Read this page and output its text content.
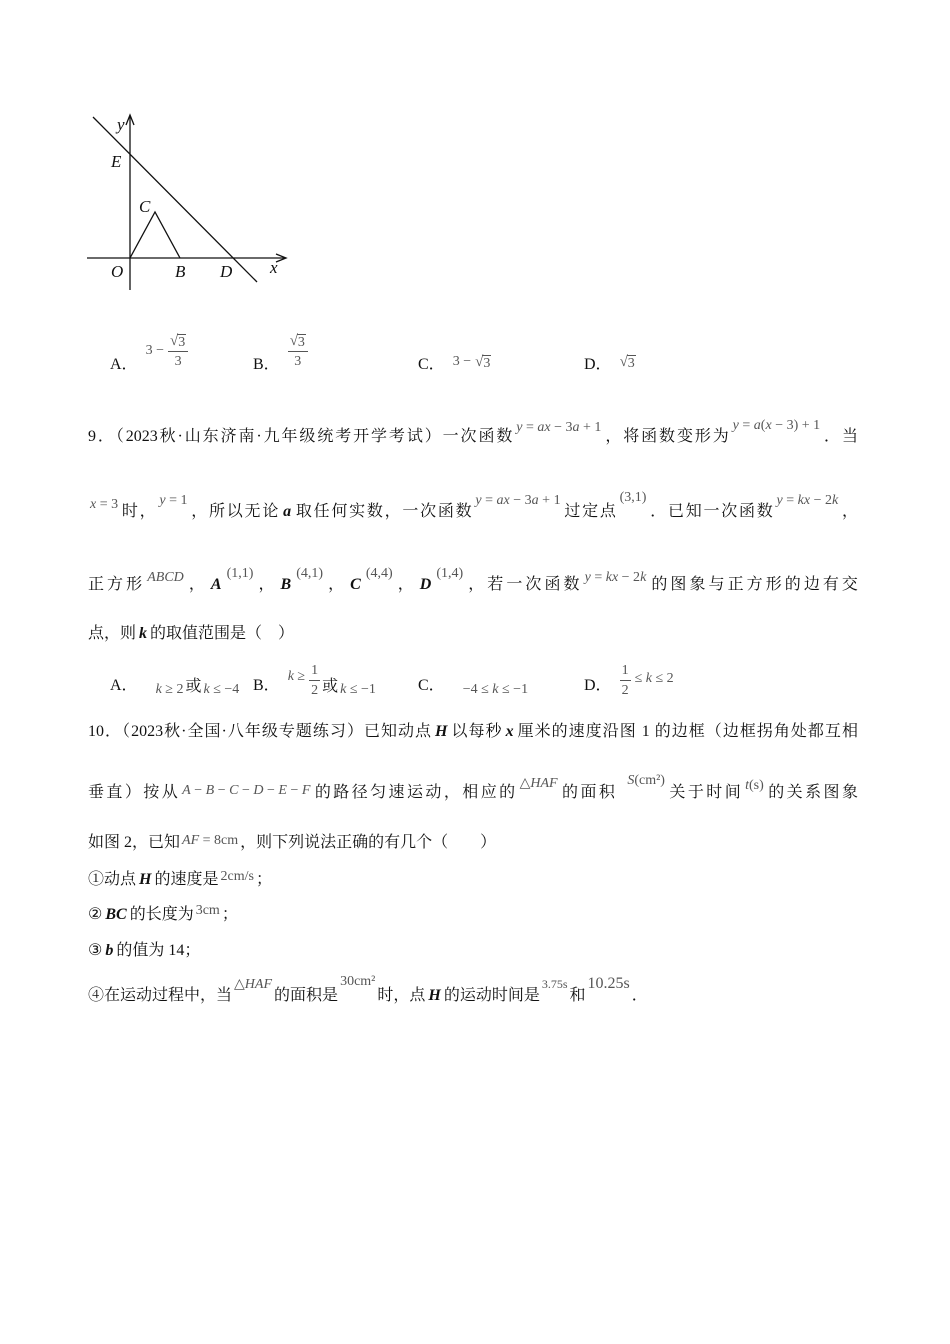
y
E
C
O	B D x
A．
$3 - \frac{√ 3}{3}$	B． $\frac{√ 3}{3}$	C． 3 − √ 3	D． √ 3
9．（2023秋·山东济南·九年级统考开学考试）一次函数y = ax − 3a + 1，将函数变形为y = a(x − 3) + 1．当
x = 3 时，y = 1，所以无论 a 取任何实数，一次函数y = ax − 3a + 1过定点(3,1)．已知一次函数y = kx − 2k，
正方形 ABCD ， A(1,1)， B(4,1)， C(4,4)， D(1,4)，若一次函数 y = kx − 2k 的图象与正方形的边有交
点，则 k 的取值范围是（　）
A． k ≥ 2 或 k ≤ −4 B． $k \ge \frac{1}{2}$ 或 k ≤ −1	C． −4 ≤ k ≤ −1	D． $\frac{1}{2} \le k \le 2$
10．（2023秋·全国·八年级专题练习）已知动点 H 以每秒 x 厘米的速度沿图 1 的边框（边框拐角处都互相
垂直）按从 A − B − C − D − E − F 的路径匀速运动，相应的△HAF的面积S(cm²)关于时间 t(s) 的关系图象
如图 2，已知 AF = 8cm ，则下列说法正确的有几个（　　）
①动点 H 的速度是 2cm/s ；
② BC 的长度为 3cm ；
③ b 的值为 14；
④在运动过程中，当△HAF的面积是30cm²时，点 H 的运动时间是3.75s和10.25s．
